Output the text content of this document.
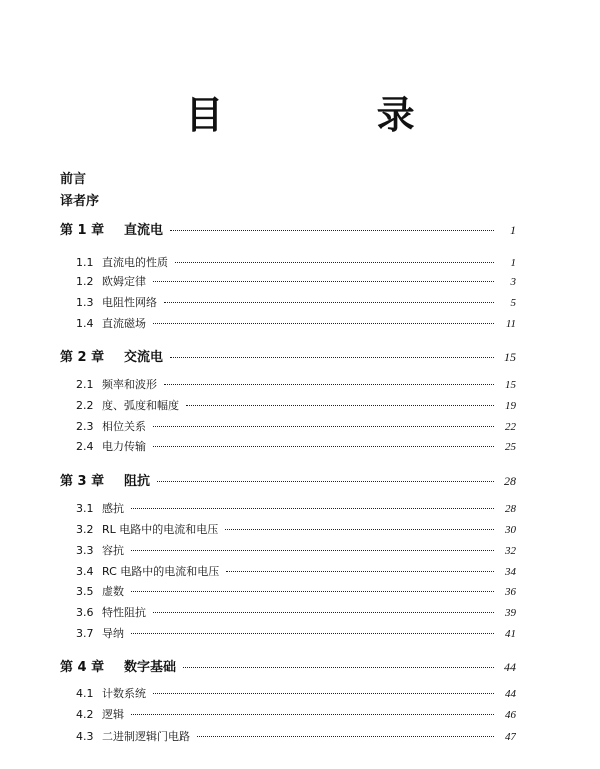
目 录
前言
译者序
第 1 章	直流电	1
1.1 直流电的性质	1
1.2 欧姆定律	3
1.3 电阻性网络	5
1.4 直流磁场	11
第 2 章	交流电	15
2.1 频率和波形	15
2.2 度、弧度和幅度	19
2.3 相位关系	22
2.4 电力传输	25
第 3 章	阻抗	28
3.1 感抗	28
3.2 RL 电路中的电流和电压	30
3.3 容抗	32
3.4 RC 电路中的电流和电压	34
3.5 虚数	36
3.6 特性阻抗	39
3.7 导纳	41
第 4 章	数字基础	44
4.1 计数系统	44
4.2 逻辑	46
4.3 二进制逻辑门电路	47
